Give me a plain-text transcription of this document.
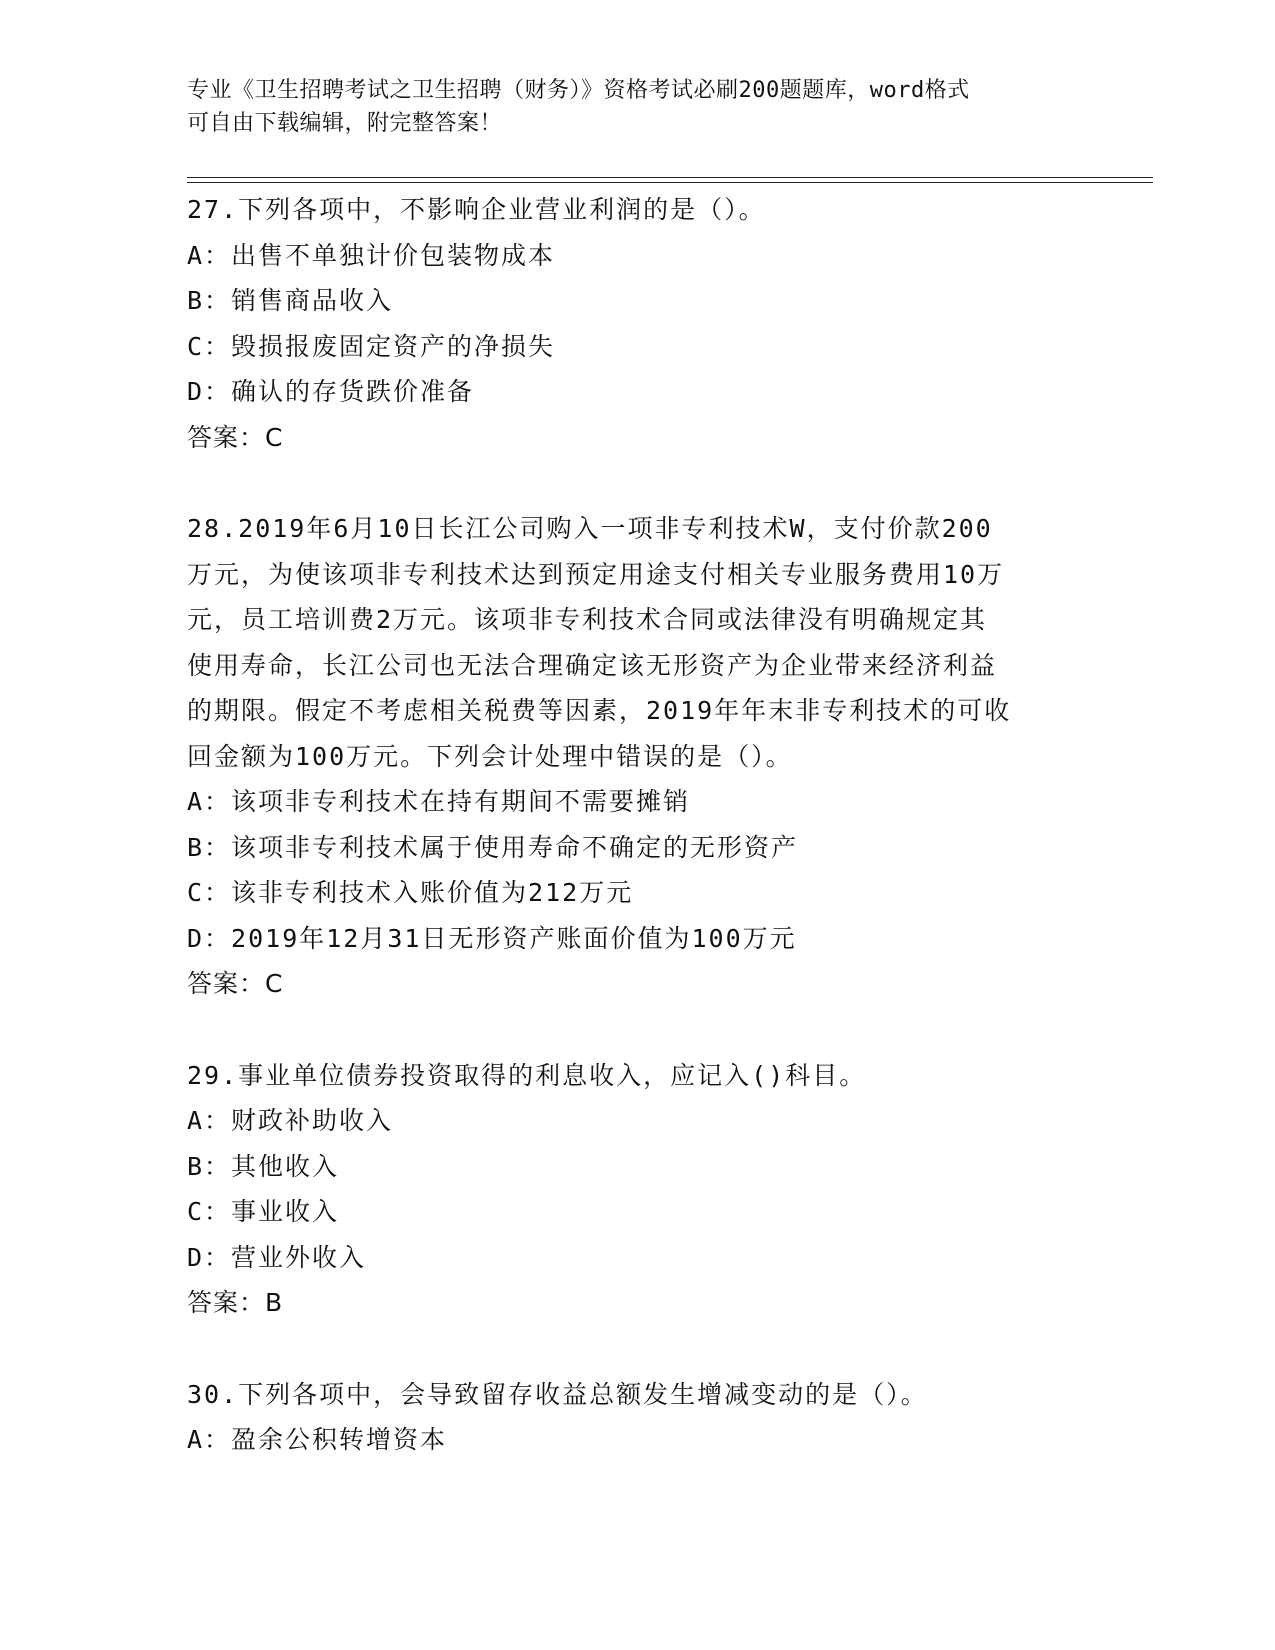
专业《卫生招聘考试之卫生招聘（财务）》资格考试必刷200题题库，word格式

可自由下载编辑，附完整答案！

27.下列各项中，不影响企业营业利润的是（）。

A：出售不单独计价包装物成本

B：销售商品收入

C：毁损报废固定资产的净损失

D：确认的存货跌价准备

答案：C

28.2019年6月10日长江公司购入一项非专利技术W，支付价款200

万元，为使该项非专利技术达到预定用途支付相关专业服务费用10万

元，员工培训费2万元。该项非专利技术合同或法律没有明确规定其

使用寿命，长江公司也无法合理确定该无形资产为企业带来经济利益

的期限。假定不考虑相关税费等因素，2019年年末非专利技术的可收

回金额为100万元。下列会计处理中错误的是（）。

A：该项非专利技术在持有期间不需要摊销

B：该项非专利技术属于使用寿命不确定的无形资产

C：该非专利技术入账价值为212万元

D：2019年12月31日无形资产账面价值为100万元

答案：C

29.事业单位债券投资取得的利息收入，应记入()科目。

A：财政补助收入

B：其他收入

C：事业收入

D：营业外收入

答案：B

30.下列各项中，会导致留存收益总额发生增减变动的是（）。

A：盈余公积转增资本
